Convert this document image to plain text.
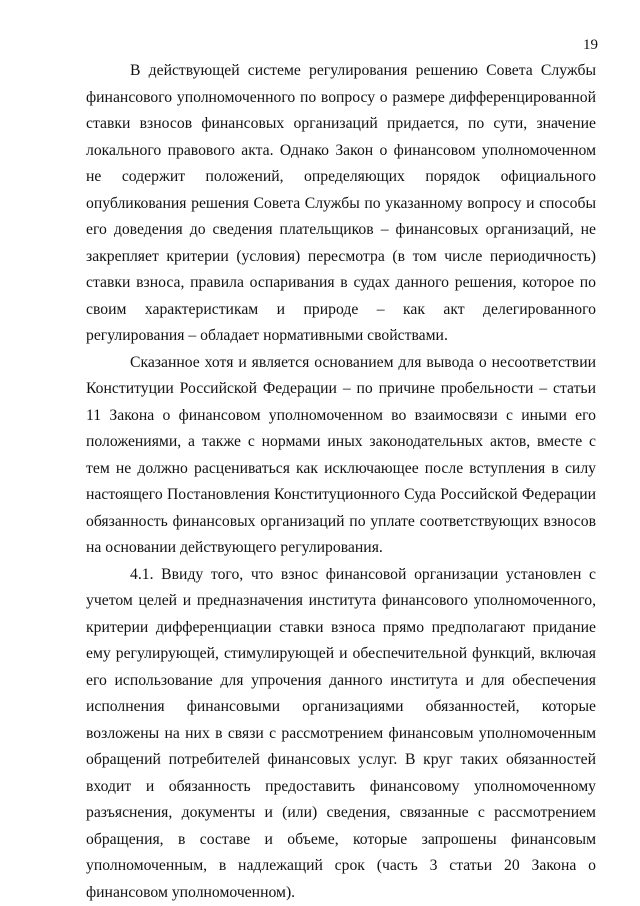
19

В действующей системе регулирования решению Совета Службы финансового уполномоченного по вопросу о размере дифференцированной ставки взносов финансовых организаций придается, по сути, значение локального правового акта. Однако Закон о финансовом уполномоченном не содержит положений, определяющих порядок официального опубликования решения Совета Службы по указанному вопросу и способы его доведения до сведения плательщиков – финансовых организаций, не закрепляет критерии (условия) пересмотра (в том числе периодичность) ставки взноса, правила оспаривания в судах данного решения, которое по своим характеристикам и природе – как акт делегированного регулирования – обладает нормативными свойствами.

Сказанное хотя и является основанием для вывода о несоответствии Конституции Российской Федерации – по причине пробельности – статьи 11 Закона о финансовом уполномоченном во взаимосвязи с иными его положениями, а также с нормами иных законодательных актов, вместе с тем не должно расцениваться как исключающее после вступления в силу настоящего Постановления Конституционного Суда Российской Федерации обязанность финансовых организаций по уплате соответствующих взносов на основании действующего регулирования.

4.1. Ввиду того, что взнос финансовой организации установлен с учетом целей и предназначения института финансового уполномоченного, критерии дифференциации ставки взноса прямо предполагают придание ему регулирующей, стимулирующей и обеспечительной функций, включая его использование для упрочения данного института и для обеспечения исполнения финансовыми организациями обязанностей, которые возложены на них в связи с рассмотрением финансовым уполномоченным обращений потребителей финансовых услуг. В круг таких обязанностей входит и обязанность предоставить финансовому уполномоченному разъяснения, документы и (или) сведения, связанные с рассмотрением обращения, в составе и объеме, которые запрошены финансовым уполномоченным, в надлежащий срок (часть 3 статьи 20 Закона о финансовом уполномоченном).
